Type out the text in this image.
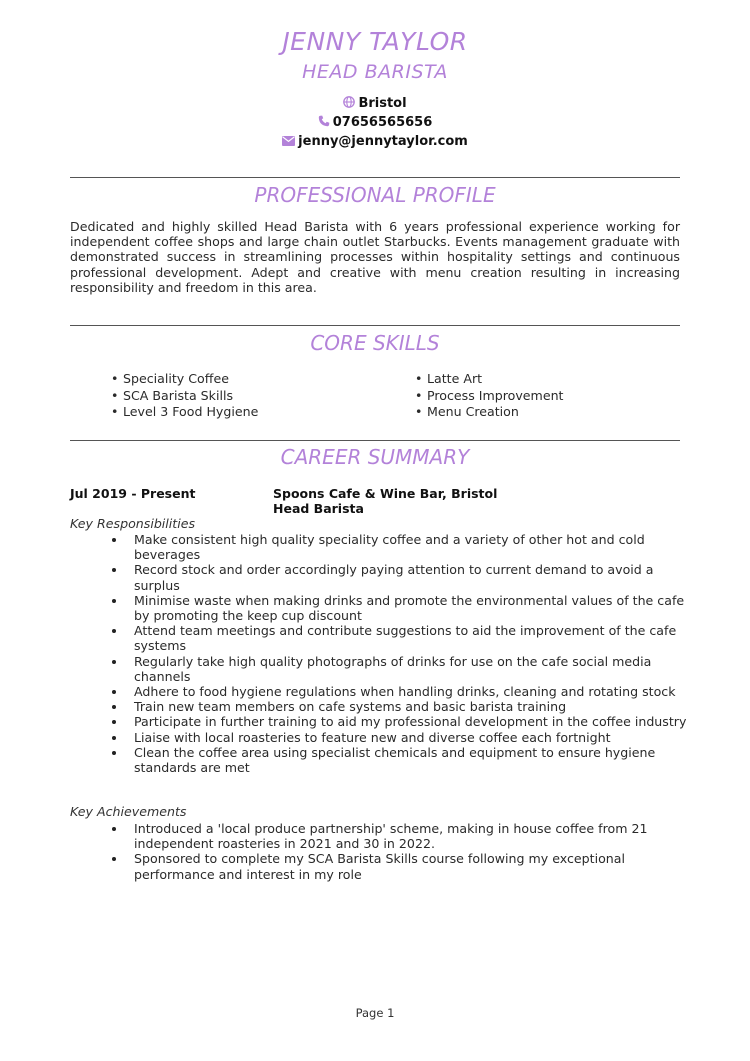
JENNY TAYLOR
HEAD BARISTA
Bristol
07656565656
jenny@jennytaylor.com
PROFESSIONAL PROFILE
Dedicated and highly skilled Head Barista with 6 years professional experience working for independent coffee shops and large chain outlet Starbucks. Events management graduate with demonstrated success in streamlining processes within hospitality settings and continuous professional development. Adept and creative with menu creation resulting in increasing responsibility and freedom in this area.
CORE SKILLS
• Speciality Coffee
• SCA Barista Skills
• Level 3 Food Hygiene
• Latte Art
• Process Improvement
• Menu Creation
CAREER SUMMARY
Jul 2019 - Present	Spoons Cafe & Wine Bar, Bristol
Head Barista
Key Responsibilities
Make consistent high quality speciality coffee and a variety of other hot and cold beverages
Record stock and order accordingly paying attention to current demand to avoid a surplus
Minimise waste when making drinks and promote the environmental values of the cafe by promoting the keep cup discount
Attend team meetings and contribute suggestions to aid the improvement of the cafe systems
Regularly take high quality photographs of drinks for use on the cafe social media channels
Adhere to food hygiene regulations when handling drinks, cleaning and rotating stock
Train new team members on cafe systems and basic barista training
Participate in further training to aid my professional development in the coffee industry
Liaise with local roasteries to feature new and diverse coffee each fortnight
Clean the coffee area using specialist chemicals and equipment to ensure hygiene standards are met
Key Achievements
Introduced a 'local produce partnership' scheme, making in house coffee from 21 independent roasteries in 2021 and 30 in 2022.
Sponsored to complete my SCA Barista Skills course following my exceptional performance and interest in my role
Page 1
